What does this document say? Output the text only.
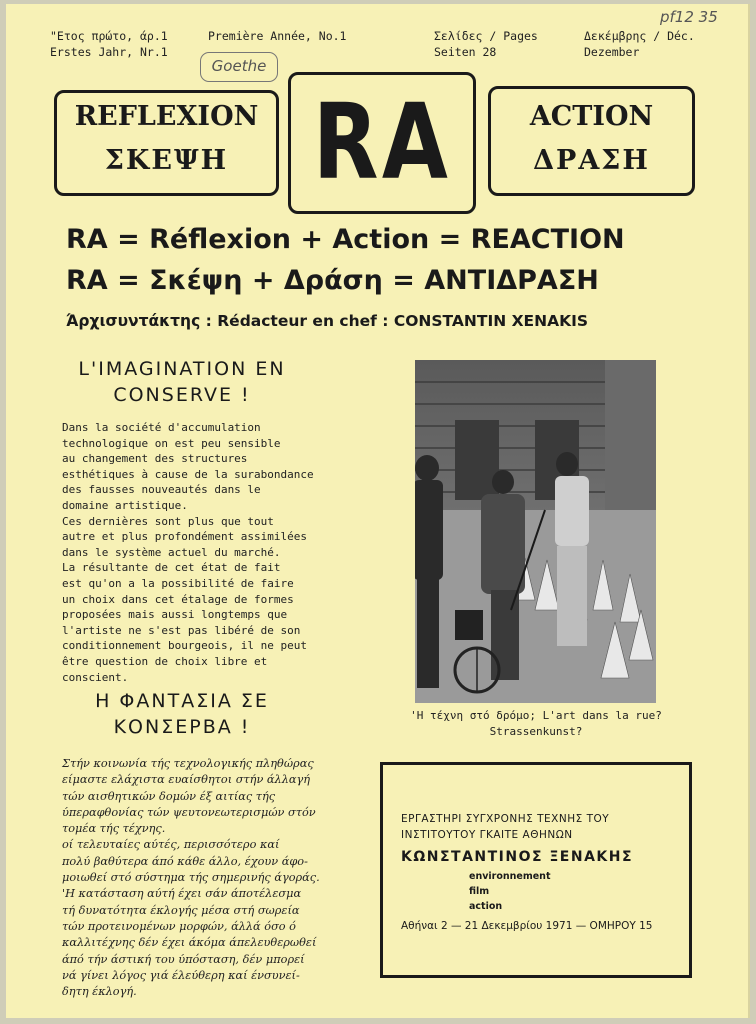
"Ετος πρώτο, άρ.1
Erstes Jahr, Nr.1
Première Année, No.1	Σελίδες / Pages
Seiten 28
Δεκέμβρης / Déc.
Dezember
Goethe
pf12 35
REFLEXION
ΣΚΕΨΗ RA	ACTION
ΔΡΑΣΗ
RA = Réflexion + Action = REACTION
RA = Σκέψη + Δράση = ΑΝΤΙΔΡΑΣΗ
Άρχισυντάκτης : Rédacteur en chef : CONSTANTIN XENAKIS
L'IMAGINATION EN CONSERVE !
Dans la société d'accumulation
technologique on est peu sensible
au changement des structures
esthétiques à cause de la surabondance
des fausses nouveautés dans le
domaine artistique.
Ces dernières sont plus que tout
autre et plus profondément assimilées
dans le système actuel du marché.
La résultante de cet état de fait
est qu'on a la possibilité de faire
un choix dans cet étalage de formes
proposées mais aussi longtemps que
l'artiste ne s'est pas libéré de son
conditionnement bourgeois, il ne peut
être question de choix libre et
conscient.
Η ΦΑΝΤΑΣΙΑ ΣΕ ΚΟΝΣΕΡΒΑ !
Στήν κοινωνία τής τεχνολογικής πληθώρας
είμαστε ελάχιστα ευαίσθητοι στήν άλλαγή
τών αισθητικών δομών έξ αιτίας τής
ύπεραφθονίας τών ψευτονεωτερισμών στόν
τομέα τής τέχνης.
οί τελευταίες αύτές, περισσότερο καί
πολύ βαθύτερα άπό κάθε άλλο, έχουν άφο-
μοιωθεί στό σύστημα τής σημερινής άγοράς.
'Η κατάσταση αύτή έχει σάν άποτέλεσμα
τή δυνατότητα έκλογής μέσα στή σωρεία
τών προτεινομένων μορφών, άλλά όσο ό
καλλιτέχνης δέν έχει άκόμα άπελευθερωθεί
άπό τήν άστική του ύπόσταση, δέν μπορεί
νά γίνει λόγος γιά έλεύθερη καί ένσυνεί-
δητη έκλογή.
'Η τέχνη στό δρόμο; L'art dans la rue? Strassenkunst?
ΕΡΓΑΣΤΗΡΙ ΣΥΓΧΡΟΝΗΣ ΤΕΧΝΗΣ ΤΟΥ
ΙΝΣΤΙΤΟΥΤΟΥ ΓΚΑΙΤΕ ΑΘΗΝΩΝ
ΚΩΝΣΤΑΝΤΙΝΟΣ ΞΕΝΑΚΗΣ
environnement
film
action
Αθήναι 2 — 21 Δεκεμβρίου 1971 — ΟΜΗΡΟΥ 15
